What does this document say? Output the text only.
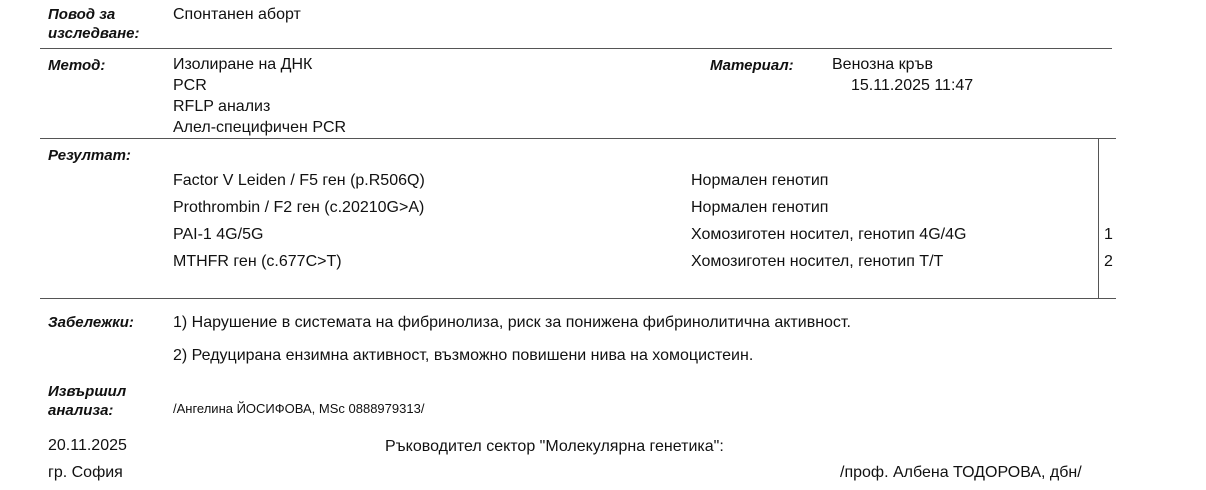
Повод за
изследване:
Спонтанен аборт
Метод:	Изолиране на ДНК
PCR
RFLP анализ
Алел-специфичен PCR
Материал: Венозна кръв
15.11.2025 11:47
Резултат:
Factor V Leiden / F5 ген (p.R506Q)	Нормален генотип
Prothrombin / F2 ген (c.20210G>A)	Нормален генотип
PAI-1 4G/5G	Хомозиготен носител, генотип 4G/4G	1
MTHFR ген (c.677C>T)	Хомозиготен носител, генотип T/T	2
Забележки: 1) Нарушение в системата на фибринолиза, риск за понижена фибринолитична активност.
2) Редуцирана ензимна активност, възможно повишени нива на хомоцистеин.
Извършил
анализа:	/Ангелина ЙОСИФОВА, MSc 0888979313/
20.11.2025
гр. София
Ръководител сектор "Молекулярна генетика":
/проф. Албена ТОДОРОВА, дбн/
